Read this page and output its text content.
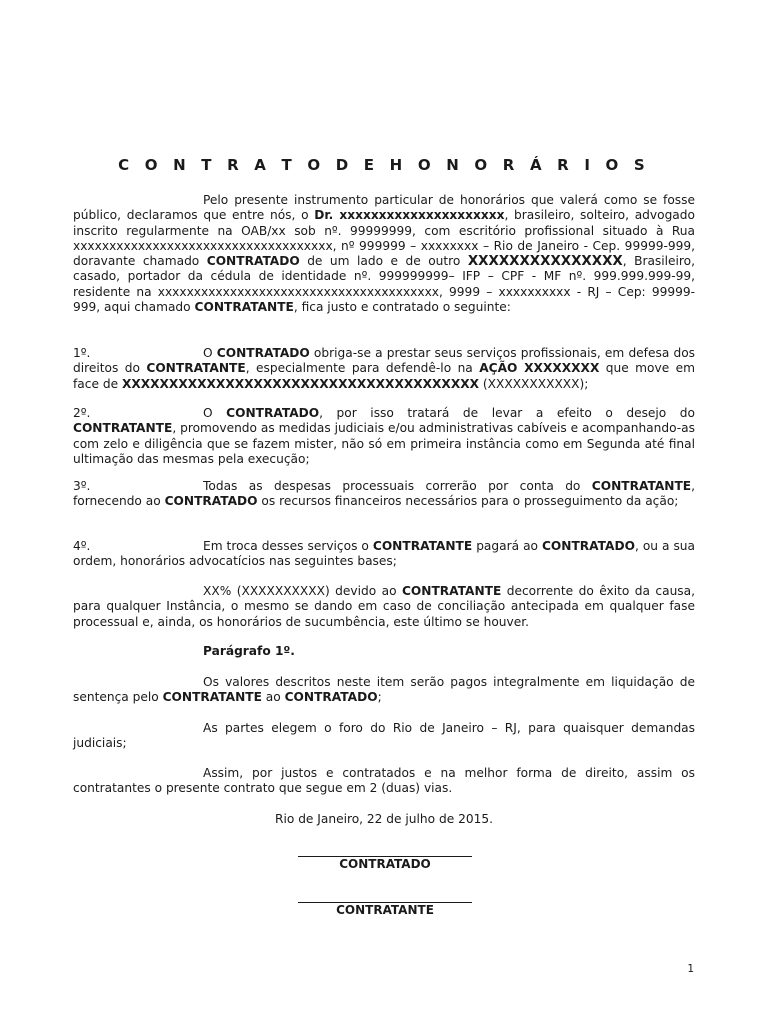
C O N T R A T O D E H O N O R Á R I O S
Pelo presente instrumento particular de honorários que valerá como se fosse público, declaramos que entre nós, o Dr. xxxxxxxxxxxxxxxxxxxxx, brasileiro, solteiro, advogado inscrito regularmente na OAB/xx sob nº. 99999999, com escritório profissional situado à Rua xxxxxxxxxxxxxxxxxxxxxxxxxxxxxxxxxxxx, nº 999999 – xxxxxxxx – Rio de Janeiro - Cep. 99999-999, doravante chamado CONTRATADO de um lado e de outro XXXXXXXXXXXXXXX, Brasileiro, casado, portador da cédula de identidade nº. 999999999– IFP – CPF - MF nº. 999.999.999-99, residente na xxxxxxxxxxxxxxxxxxxxxxxxxxxxxxxxxxxxxxx, 9999 – xxxxxxxxxx - RJ – Cep: 99999-999, aqui chamado CONTRATANTE, fica justo e contratado o seguinte:
1º.	O CONTRATADO obriga-se a prestar seus serviços profissionais, em defesa dos direitos do CONTRATANTE, especialmente para defendê-lo na AÇÃO XXXXXXXX que move em face de XXXXXXXXXXXXXXXXXXXXXXXXXXXXXXXXXXXXXX (XXXXXXXXXXX);
2º.	O CONTRATADO, por isso tratará de levar a efeito o desejo do CONTRATANTE, promovendo as medidas judiciais e/ou administrativas cabíveis e acompanhando-as com zelo e diligência que se fazem mister, não só em primeira instância como em Segunda até final ultimação das mesmas pela execução;
3º.	Todas as despesas processuais correrão por conta do CONTRATANTE, fornecendo ao CONTRATADO os recursos financeiros necessários para o prosseguimento da ação;
4º.	Em troca desses serviços o CONTRATANTE pagará ao CONTRATADO, ou a sua ordem, honorários advocatícios nas seguintes bases;
XX% (XXXXXXXXXX) devido ao CONTRATANTE decorrente do êxito da causa, para qualquer Instância, o mesmo se dando em caso de conciliação antecipada em qualquer fase processual e, ainda, os honorários de sucumbência, este último se houver.
Parágrafo 1º.
Os valores descritos neste item serão pagos integralmente em liquidação de sentença pelo CONTRATANTE ao CONTRATADO;
As partes elegem o foro do Rio de Janeiro – RJ, para quaisquer demandas judiciais;
Assim, por justos e contratados e na melhor forma de direito, assim os contratantes o presente contrato que segue em 2 (duas) vias.
Rio de Janeiro, 22 de julho de 2015.
CONTRATADO
CONTRATANTE
1
